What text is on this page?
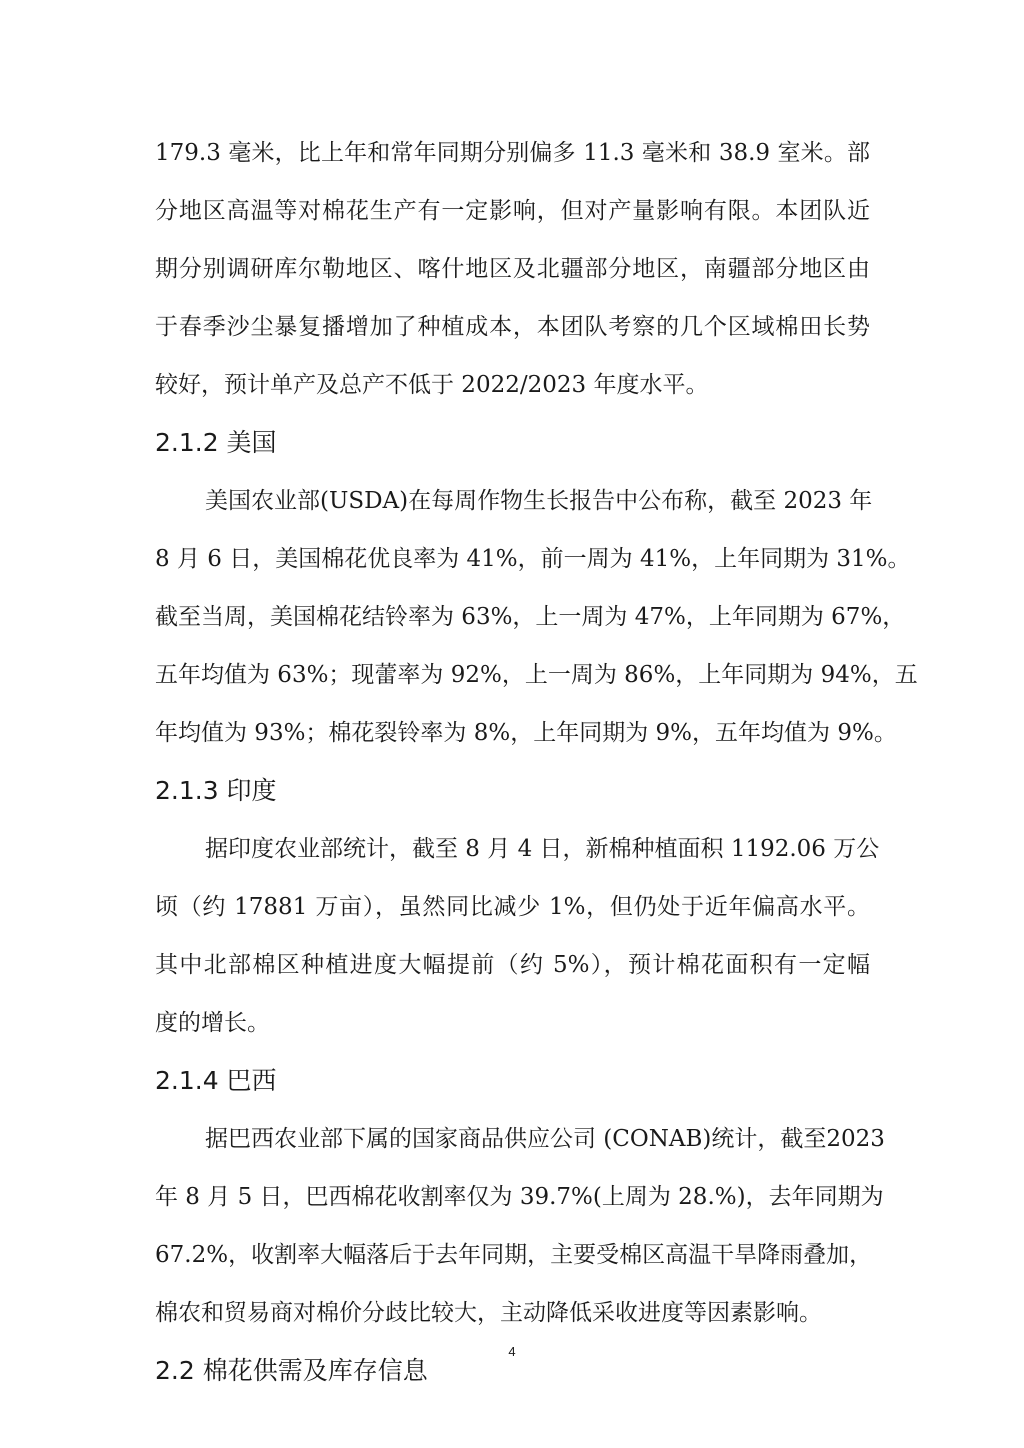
179.3 毫米，比上年和常年同期分别偏多 11.3 毫米和 38.9 室米。部
分地区高温等对棉花生产有一定影响，但对产量影响有限。本团队近
期分别调研库尔勒地区、喀什地区及北疆部分地区，南疆部分地区由
于春季沙尘暴复播增加了种植成本，本团队考察的几个区域棉田长势
较好，预计单产及总产不低于 2022/2023 年度水平。
2.1.2 美国
美国农业部(USDA)在每周作物生长报告中公布称，截至 2023 年
8 月 6 日，美国棉花优良率为 41%，前一周为 41%，上年同期为 31%。
截至当周，美国棉花结铃率为 63%，上一周为 47%，上年同期为 67%，
五年均值为 63%；现蕾率为 92%，上一周为 86%，上年同期为 94%，五
年均值为 93%；棉花裂铃率为 8%，上年同期为 9%，五年均值为 9%。
2.1.3 印度
据印度农业部统计，截至 8 月 4 日，新棉种植面积 1192.06 万公
顷（约 17881 万亩），虽然同比减少 1%，但仍处于近年偏高水平。
其中北部棉区种植进度大幅提前（约 5%），预计棉花面积有一定幅
度的增长。
2.1.4 巴西
据巴西农业部下属的国家商品供应公司 (CONAB)统计，截至2023
年 8 月 5 日，巴西棉花收割率仅为 39.7%(上周为 28.%)，去年同期为
67.2%，收割率大幅落后于去年同期，主要受棉区高温干旱降雨叠加，
棉农和贸易商对棉价分歧比较大，主动降低采收进度等因素影响。
2.2 棉花供需及库存信息
4
